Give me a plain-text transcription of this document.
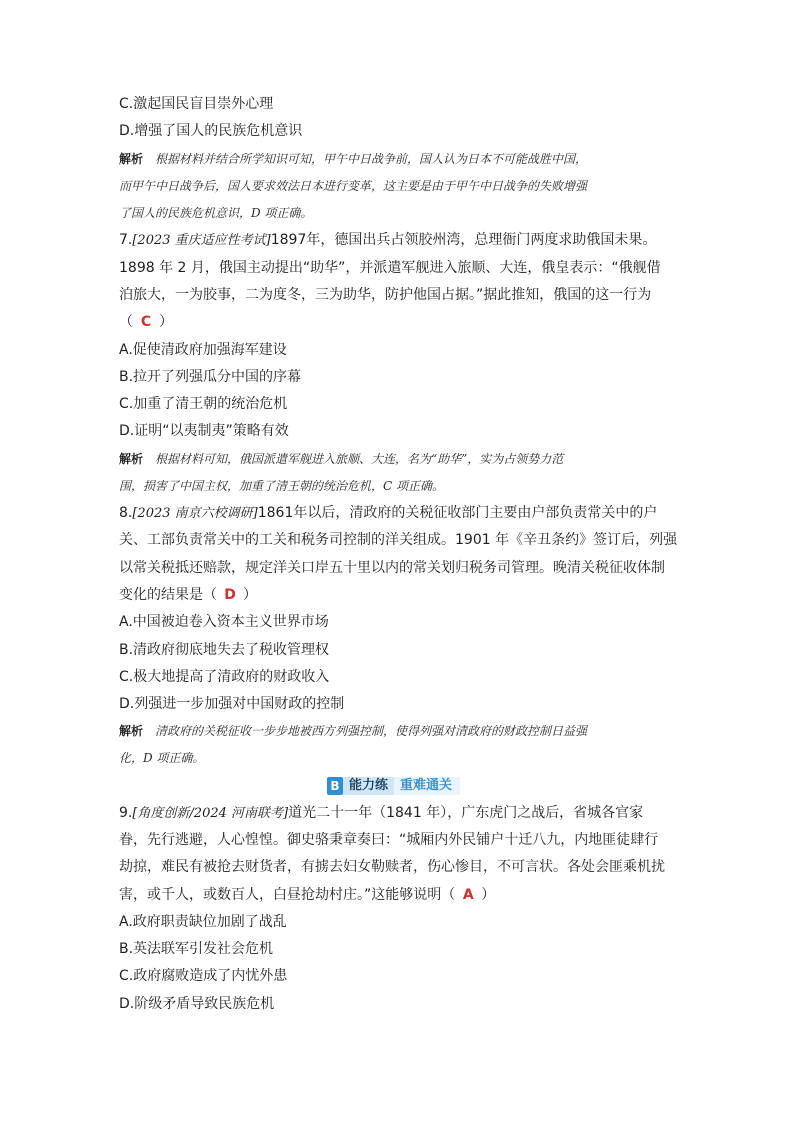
C.激起国民盲目崇外心理
D.增强了国人的民族危机意识
解析 根据材料并结合所学知识可知，甲午中日战争前，国人认为日本不可能战胜中国，
而甲午中日战争后，国人要求效法日本进行变革，这主要是由于甲午中日战争的失败增强
了国人的民族危机意识，D 项正确。
7.[2023 重庆适应性考试]1897年，德国出兵占领胶州湾，总理衙门两度求助俄国未果。
1898 年 2 月，俄国主动提出“助华”，并派遣军舰进入旅顺、大连，俄皇表示：“俄舰借
泊旅大，一为胶事，二为度冬，三为助华，防护他国占据。”据此推知，俄国的这一行为
（ C ）
A.促使清政府加强海军建设
B.拉开了列强瓜分中国的序幕
C.加重了清王朝的统治危机
D.证明“以夷制夷”策略有效
解析 根据材料可知，俄国派遣军舰进入旅顺、大连，名为“助华”，实为占领势力范
围，损害了中国主权，加重了清王朝的统治危机，C 项正确。
8.[2023 南京六校调研]1861年以后，清政府的关税征收部门主要由户部负责常关中的户
关、工部负责常关中的工关和税务司控制的洋关组成。1901 年《辛丑条约》签订后，列强
以常关税抵还赔款，规定洋关口岸五十里以内的常关划归税务司管理。晚清关税征收体制
变化的结果是（ D ）
A.中国被迫卷入资本主义世界市场
B.清政府彻底地失去了税收管理权
C.极大地提高了清政府的财政收入
D.列强进一步加强对中国财政的控制
解析 清政府的关税征收一步步地被西方列强控制，使得列强对清政府的财政控制日益强
化，D 项正确。
B 能力练 重难通关
9.[角度创新/2024 河南联考]道光二十一年（1841 年），广东虎门之战后，省城各官家
眷，先行逃避，人心惶惶。御史骆秉章奏曰：“城厢内外民铺户十迁八九，内地匪徒肆行
劫掠，难民有被抢去财货者，有掳去妇女勒赎者，伤心惨目，不可言状。各处会匪乘机扰
害，或千人，或数百人，白昼抢劫村庄。”这能够说明（ A ）
A.政府职责缺位加剧了战乱
B.英法联军引发社会危机
C.政府腐败造成了内忧外患
D.阶级矛盾导致民族危机
